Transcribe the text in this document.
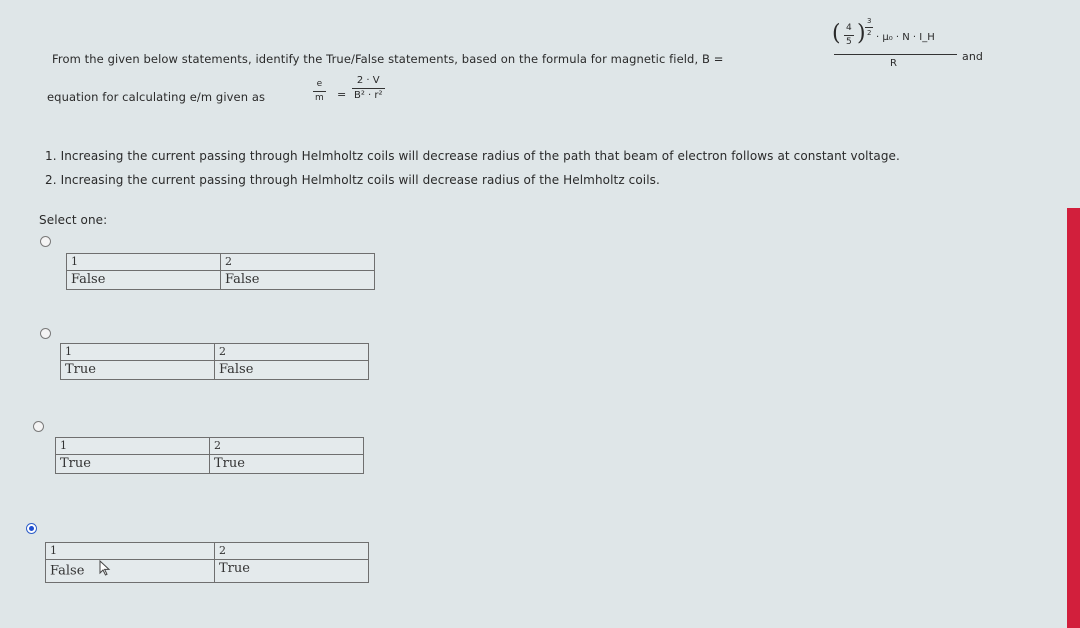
From the given below statements, identify the True/False statements, based on the formula for magnetic field, B =
( $\frac{4}{5}$ ) $\frac{3}{2}$
· μ₀ · N · I_H
R
and
equation for calculating e/m given as	$\frac{e}{m} = \frac{2 \cdot V}{\text{B² · r²}}$
1. Increasing the current passing through Helmholtz coils will decrease radius of the path that beam of electron follows at constant voltage.
2. Increasing the current passing through Helmholtz coils will decrease radius of the Helmholtz coils.
Select one:
1	2
False	False
1	2
True	False
1	2
True	True
1	2
False	True
